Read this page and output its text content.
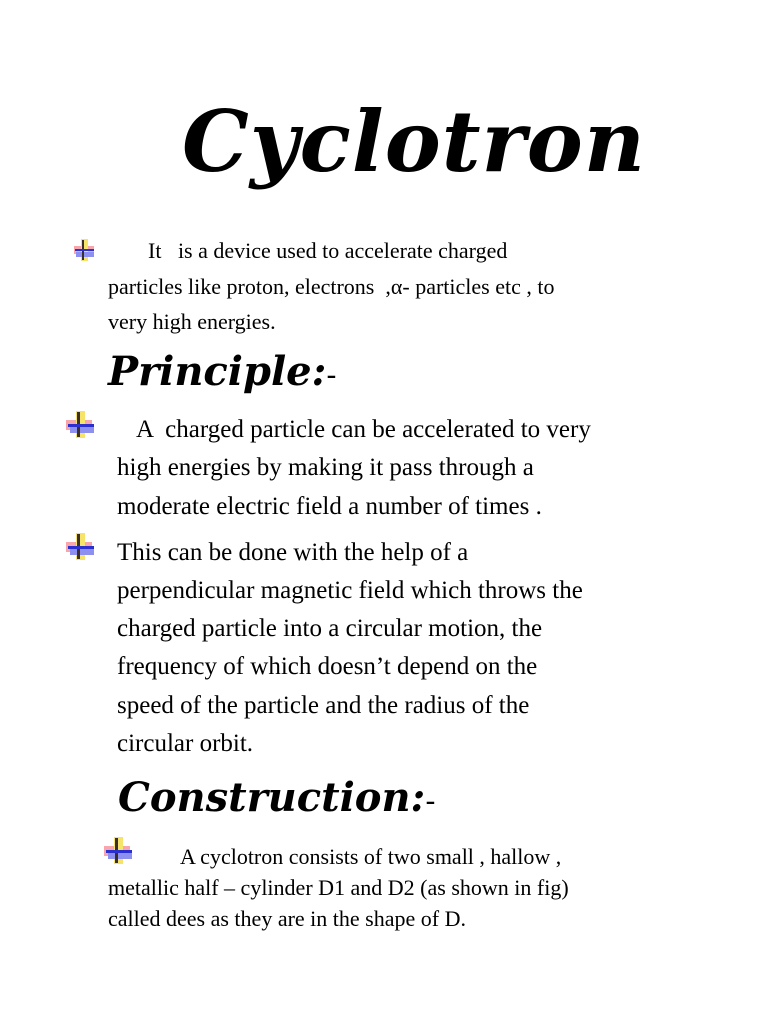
Cyclotron
It   is a device used to accelerate charged
particles like proton, electrons  ,α- particles etc , to
very high energies.
Principle:-
A  charged particle can be accelerated to very
high energies by making it pass through a
moderate electric field a number of times .
This can be done with the help of a
perpendicular magnetic field which throws the
charged particle into a circular motion, the
frequency of which doesn’t depend on the
speed of the particle and the radius of the
circular orbit.
Construction:-
A cyclotron consists of two small , hallow ,
metallic half – cylinder D1 and D2 (as shown in fig)
called dees as they are in the shape of D.
